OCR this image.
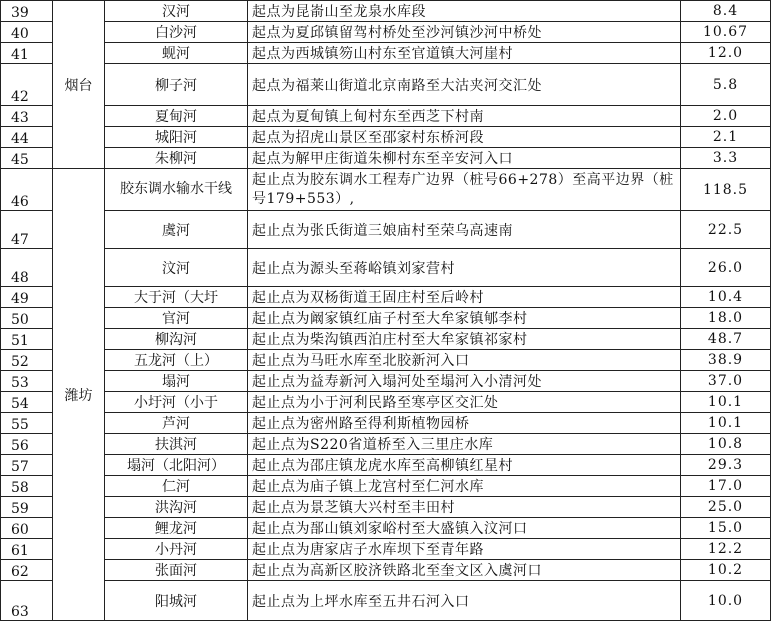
39	烟台	汉河	起点为昆嵛山至龙泉水库段	8.4
40		白沙河	起点为夏邱镇留驾村桥处至沙河镇沙河中桥处	10.67
41		蚬河	起点为西城镇笏山村东至官道镇大河崖村	12.0
42		柳子河	起点为福莱山街道北京南路至大沽夹河交汇处	5.8
43		夏甸河	起点为夏甸镇上甸村东至西芝下村南	2.0
44		城阳河	起点为招虎山景区至邵家村东桥河段	2.1
45		朱柳河	起点为解甲庄街道朱柳村东至辛安河入口	3.3
46	潍坊	胶东调水输水干线	起止点为胶东调水工程寿广边界（桩号66+278）至高平边界（桩号179+553）,	118.5
47		虞河	起止点为张氏街道三娘庙村至荣乌高速南	22.5
48		汶河	起止点为源头至蒋峪镇刘家营村	26.0
49		大于河（大圩	起止点为双杨街道王固庄村至后岭村	10.4
50		官河	起止点为阚家镇红庙子村至大牟家镇郇李村	18.0
51		柳沟河	起止点为柴沟镇西泊庄村至大牟家镇祁家村	48.7
52		五龙河（上）	起止点为马旺水库至北胶新河入口	38.9
53		塌河	起止点为益寿新河入塌河处至塌河入小清河处	37.0
54		小圩河（小于	起止点为小于河利民路至寒亭区交汇处	10.1
55		芦河	起止点为密州路至得利斯植物园桥	10.1
56		扶淇河	起止点为S220省道桥至入三里庄水库	10.8
57		塌河（北阳河）	起止点为邵庄镇龙虎水库至高柳镇红星村	29.3
58		仁河	起止点为庙子镇上龙宫村至仁河水库	17.0
59		洪沟河	起止点为景芝镇大兴村至丰田村	25.0
60		鲤龙河	起止点为郚山镇刘家峪村至大盛镇入汶河口	15.0
61		小丹河	起止点为唐家店子水库坝下至青年路	12.2
62		张面河	起止点为高新区胶济铁路北至奎文区入虞河口	10.2
63		阳城河	起止点为上坪水库至五井石河入口	10.0
